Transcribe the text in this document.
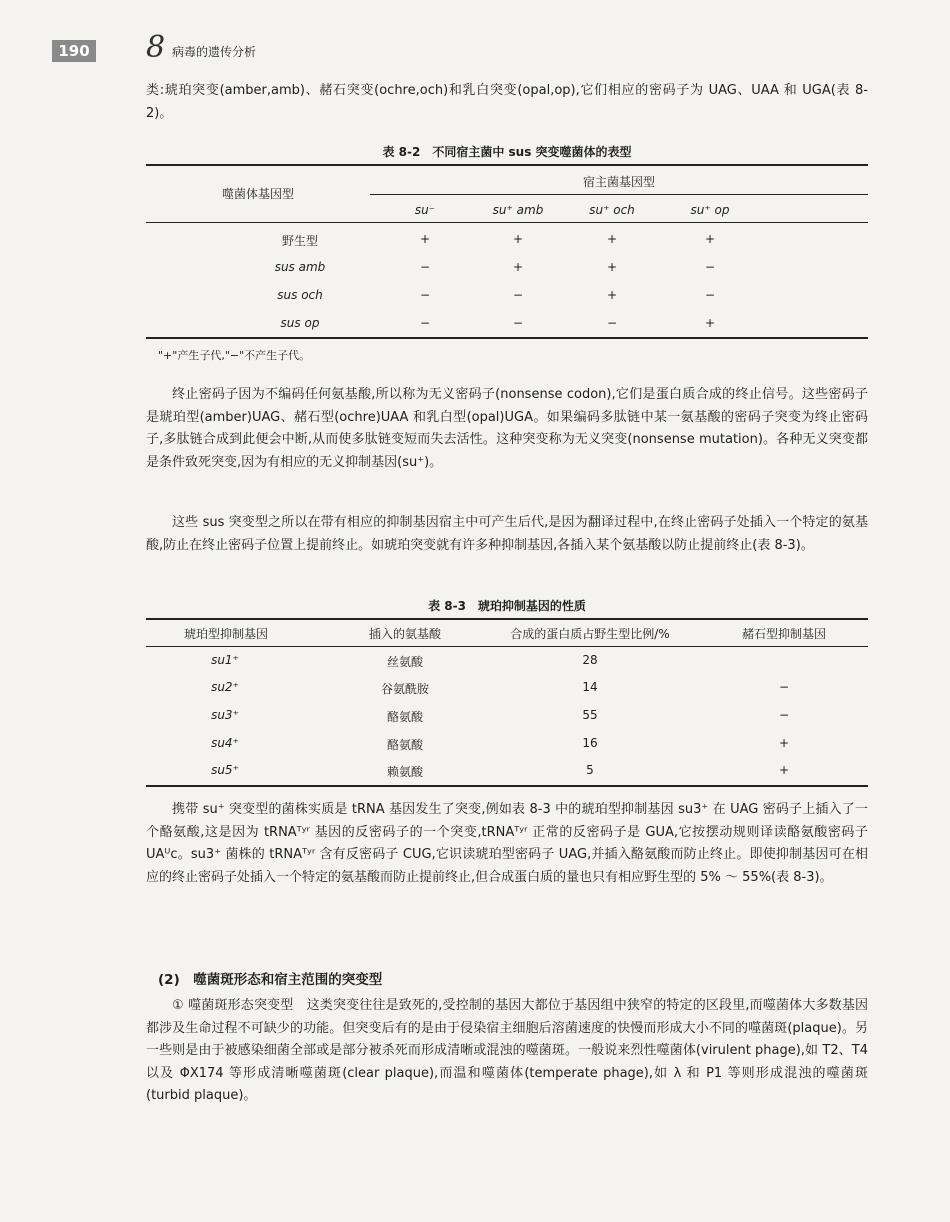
190 8 病毒的遗传分析
类:琥珀突变(amber,amb)、赭石突变(ochre,och)和乳白突变(opal,op),它们相应的密码子为 UAG、UAA 和 UGA(表 8-2)。
表 8-2　不同宿主菌中 sus 突变噬菌体的表型
噬菌体基因型
宿主菌基因型
su⁻	su⁺ amb	su⁺ och	su⁺ op
野生型	+	+	+	+
sus amb	−	+	+	−
sus och	−	−	+	−
sus op	−	−	−	+
"+"产生子代,"−"不产生子代。
终止密码子因为不编码任何氨基酸,所以称为无义密码子(nonsense codon),它们是蛋白质合成的终止信号。这些密码子是琥珀型(amber)UAG、赭石型(ochre)UAA 和乳白型(opal)UGA。如果编码多肽链中某一氨基酸的密码子突变为终止密码子,多肽链合成到此便会中断,从而使多肽链变短而失去活性。这种突变称为无义突变(nonsense mutation)。各种无义突变都是条件致死突变,因为有相应的无义抑制基因(su⁺)。
这些 sus 突变型之所以在带有相应的抑制基因宿主中可产生后代,是因为翻译过程中,在终止密码子处插入一个特定的氨基酸,防止在终止密码子位置上提前终止。如琥珀突变就有许多种抑制基因,各插入某个氨基酸以防止提前终止(表 8-3)。
表 8-3　琥珀抑制基因的性质
琥珀型抑制基因	插入的氨基酸	合成的蛋白质占野生型比例/%	赭石型抑制基因
su1⁺	丝氨酸	28
su2⁺	谷氨酰胺	14	−
su3⁺	酪氨酸	55	−
su4⁺	酪氨酸	16	+
su5⁺	赖氨酸	5	+
携带 su⁺ 突变型的菌株实质是 tRNA 基因发生了突变,例如表 8-3 中的琥珀型抑制基因 su3⁺ 在 UAG 密码子上插入了一个酪氨酸,这是因为 tRNAᵀʸʳ 基因的反密码子的一个突变,tRNAᵀʸʳ 正常的反密码子是 GUA,它按摆动规则译读酪氨酸密码子 UAᵁc。su3⁺ 菌株的 tRNAᵀʸʳ 含有反密码子 CUG,它识读琥珀型密码子 UAG,并插入酪氨酸而防止终止。即使抑制基因可在相应的终止密码子处插入一个特定的氨基酸而防止提前终止,但合成蛋白质的量也只有相应野生型的 5% ～ 55%(表 8-3)。
(2)　噬菌斑形态和宿主范围的突变型
① 噬菌斑形态突变型　这类突变往往是致死的,受控制的基因大都位于基因组中狭窄的特定的区段里,而噬菌体大多数基因都涉及生命过程不可缺少的功能。但突变后有的是由于侵染宿主细胞后溶菌速度的快慢而形成大小不同的噬菌斑(plaque)。另一些则是由于被感染细菌全部或是部分被杀死而形成清晰或混浊的噬菌斑。一般说来烈性噬菌体(virulent phage),如 T2、T4 以及 ΦX174 等形成清晰噬菌斑(clear plaque),而温和噬菌体(temperate phage),如 λ 和 P1 等则形成混浊的噬菌斑(turbid plaque)。
